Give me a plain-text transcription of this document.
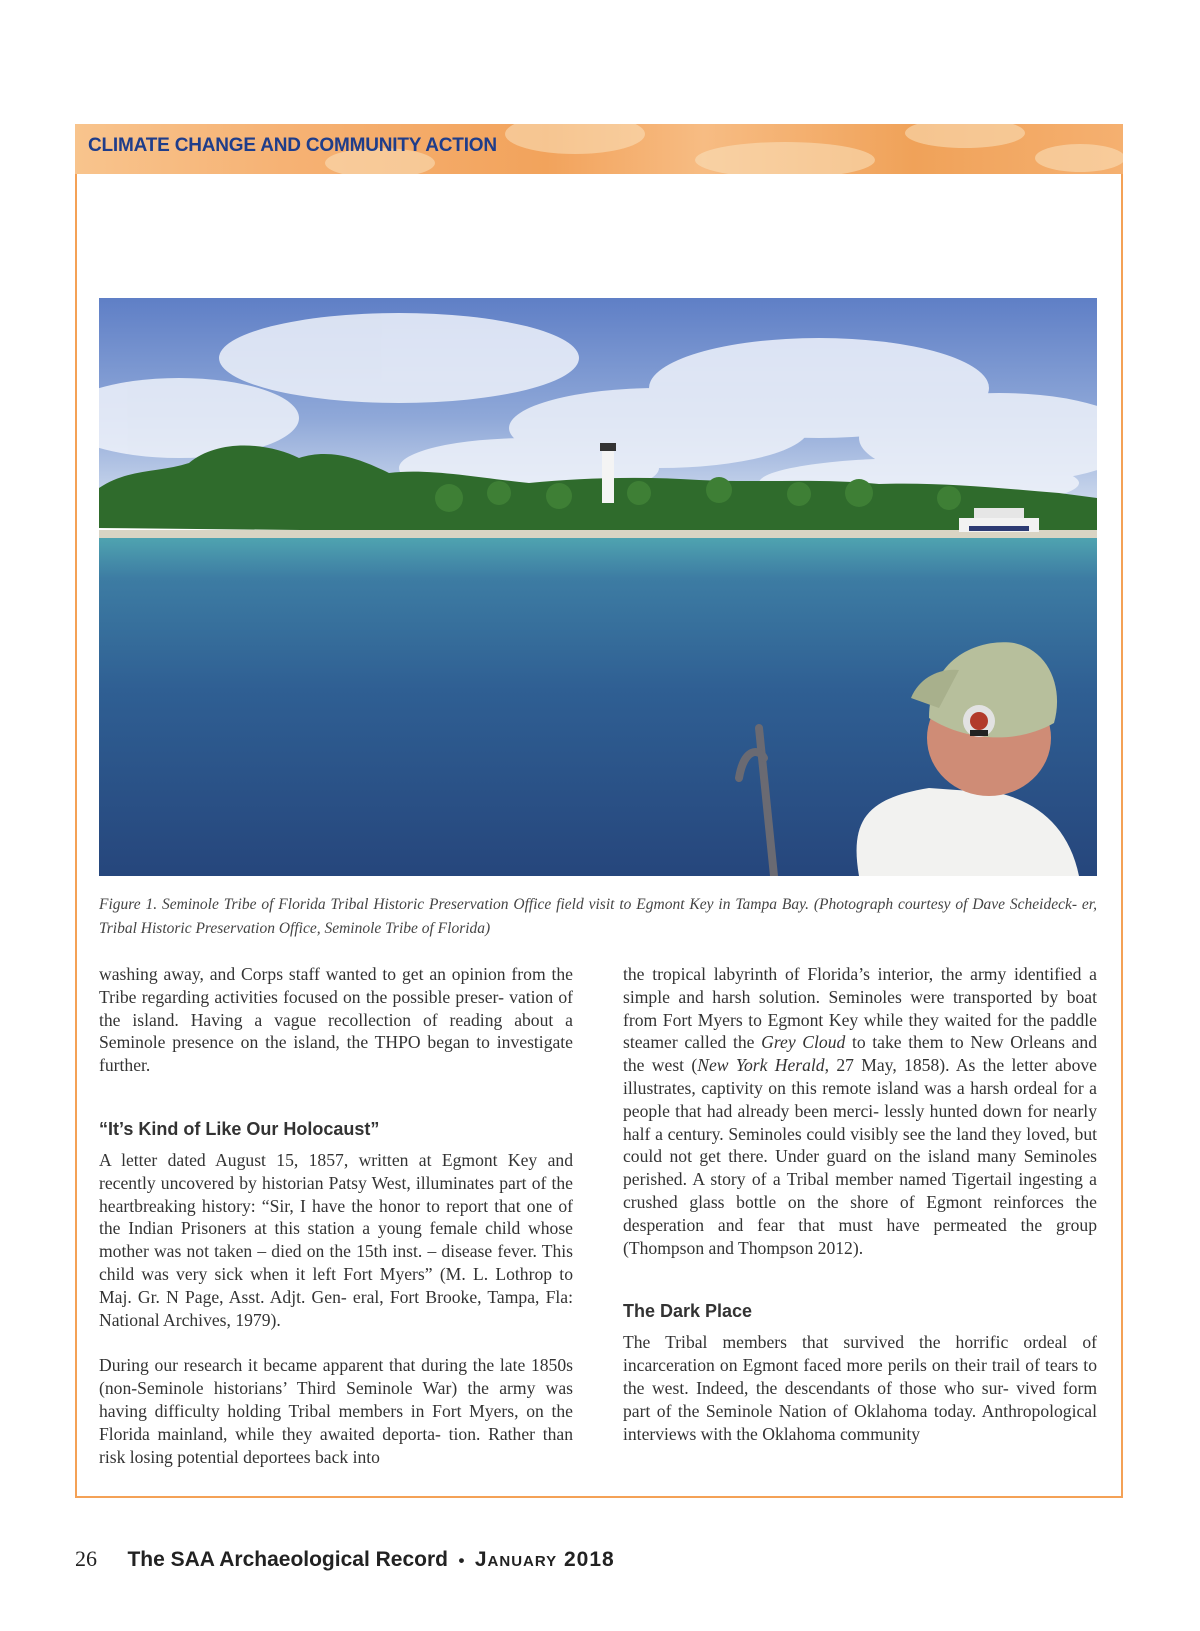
CLIMATE CHANGE AND COMMUNITY ACTION

Figure 1. Seminole Tribe of Florida Tribal Historic Preservation Office field visit to Egmont Key in Tampa Bay. (Photograph courtesy of Dave Scheideck- er, Tribal Historic Preservation Office, Seminole Tribe of Florida)

washing away, and Corps staff wanted to get an opinion from the Tribe regarding activities focused on the possible preser- vation of the island. Having a vague recollection of reading about a Seminole presence on the island, the THPO began to investigate further.

“It’s Kind of Like Our Holocaust”

A letter dated August 15, 1857, written at Egmont Key and recently uncovered by historian Patsy West, illuminates part of the heartbreaking history: “Sir, I have the honor to report that one of the Indian Prisoners at this station a young female child whose mother was not taken – died on the 15th inst. – disease fever. This child was very sick when it left Fort Myers” (M. L. Lothrop to Maj. Gr. N Page, Asst. Adjt. Gen- eral, Fort Brooke, Tampa, Fla: National Archives, 1979).

During our research it became apparent that during the late 1850s (non-Seminole historians’ Third Seminole War) the army was having difficulty holding Tribal members in Fort Myers, on the Florida mainland, while they awaited deporta- tion. Rather than risk losing potential deportees back into

the tropical labyrinth of Florida’s interior, the army identified a simple and harsh solution. Seminoles were transported by boat from Fort Myers to Egmont Key while they waited for the paddle steamer called the Grey Cloud to take them to New Orleans and the west (New York Herald, 27 May, 1858). As the letter above illustrates, captivity on this remote island was a harsh ordeal for a people that had already been merci- lessly hunted down for nearly half a century. Seminoles could visibly see the land they loved, but could not get there. Under guard on the island many Seminoles perished. A story of a Tribal member named Tigertail ingesting a crushed glass bottle on the shore of Egmont reinforces the desperation and fear that must have permeated the group (Thompson and Thompson 2012).

The Dark Place

The Tribal members that survived the horrific ordeal of incarceration on Egmont faced more perils on their trail of tears to the west. Indeed, the descendants of those who sur- vived form part of the Seminole Nation of Oklahoma today. Anthropological interviews with the Oklahoma community

26 The SAA Archaeological Record • January 2018
